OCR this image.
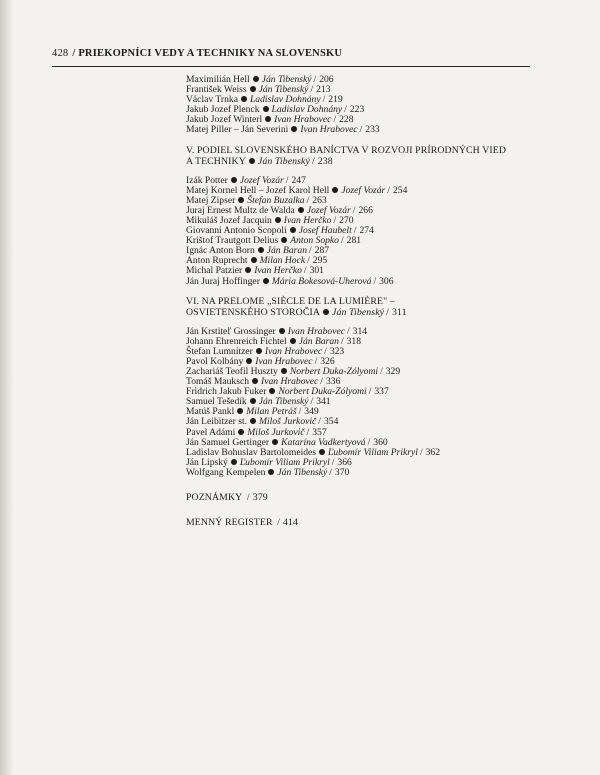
428 / PRIEKOPNÍCI VEDY A TECHNIKY NA SLOVENSKU
Maximilián Hell Ján Tibenský / 206
František Weiss Ján Tibenský / 213
Václav Trnka Ladislav Dohnány / 219
Jakub Jozef Plenck Ladislav Dohnány / 223
Jakub Jozef Winterl Ivan Hrabovec / 228
Matej Piller – Ján Severini Ivan Hrabovec / 233
V. PODIEL SLOVENSKÉHO BANÍCTVA V ROZVOJI PRÍRODNÝCH VIED
A TECHNIKY Ján Tibenský / 238
Izák Potter Jozef Vozár / 247
Matej Kornel Hell – Jozef Karol Hell Jozef Vozár / 254
Matej Zipser Štefan Buzalka / 263
Juraj Ernest Multz de Walda Jozef Vozár / 266
Mikuláš Jozef Jacquin Ivan Herčko / 270
Giovanni Antonio Scopoli Josef Haubelt / 274
Krištof Trautgott Delius Anton Sopko / 281
Ignác Anton Born Ján Baran / 287
Anton Ruprecht Milan Hock / 295
Michal Patzier Ivan Herčko / 301
Ján Juraj Hoffinger Mária Bokesová-Uherová / 306
VI. NA PRELOME „SIÈCLE DE LA LUMIÈRE" –
OSVIETENSKÉHO STOROČIA Ján Tibenský / 311
Ján Krstiteľ Grossinger Ivan Hrabovec / 314
Johann Ehrenreich Fichtel Ján Baran / 318
Štefan Lumnitzer Ivan Hrabovec / 323
Pavol Kolbány Ivan Hrabovec / 326
Zachariáš Teofil Huszty Norbert Duka-Zólyomi / 329
Tomáš Mauksch Ivan Hrabovec / 336
Fridrich Jakub Fuker Norbert Duka-Zólyomi / 337
Samuel Tešedík Ján Tibenský / 341
Matúš Pankl Milan Petráš / 349
Ján Leibitzer st. Miloš Jurkovič / 354
Pavel Adámi Miloš Jurkovič / 357
Ján Samuel Gertinger Katarína Vadkertyová / 360
Ladislav Bohuslav Bartolomeides Ľubomír Viliam Prikryl / 362
Ján Lipský Ľubomír Viliam Prikryl / 366
Wolfgang Kempelen Ján Tibenský / 370
POZNÁMKY / 379
MENNÝ REGISTER / 414
